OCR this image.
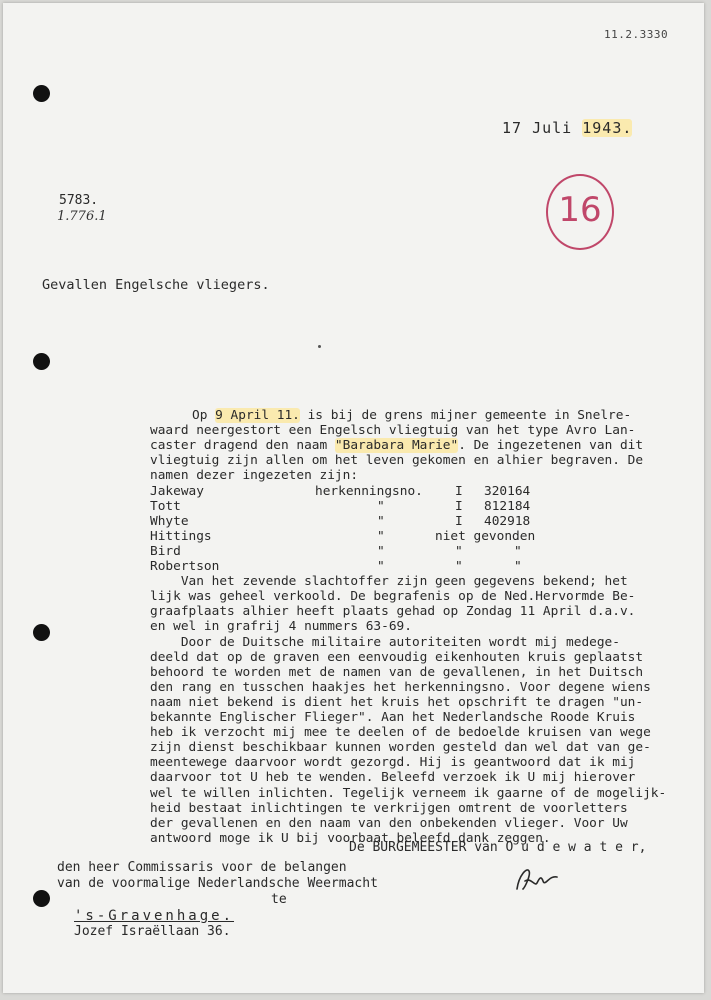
11.2.3330
17 Juli 1943.
5783.
1.776.1	16
Gevallen Engelsche vliegers.
Op 9 April 11. is bij de grens mijner gemeente in Snelre-
waard neergestort een Engelsch vliegtuig van het type Avro Lan-
caster dragend den naam "Barabara Marie". De ingezetenen van dit
vliegtuig zijn allen om het leven gekomen en alhier begraven. De
namen dezer ingezeten zijn:
Jakeway	herkenningsno.	I 320164
Tott	"	I 812184
Whyte	"	I 402918
Hittings	"	niet gevonden
Bird	"	"	"
Robertson	"	"	"
Van het zevende slachtoffer zijn geen gegevens bekend; het
lijk was geheel verkoold. De begrafenis op de Ned.Hervormde Be-
graafplaats alhier heeft plaats gehad op Zondag 11 April d.a.v.
en wel in grafrij 4 nummers 63-69.
Door de Duitsche militaire autoriteiten wordt mij medege-
deeld dat op de graven een eenvoudig eikenhouten kruis geplaatst
behoord te worden met de namen van de gevallenen, in het Duitsch
den rang en tusschen haakjes het herkenningsno. Voor degene wiens
naam niet bekend is dient het kruis het opschrift te dragen "un-
bekannte Englischer Flieger". Aan het Nederlandsche Roode Kruis
heb ik verzocht mij mee te deelen of de bedoelde kruisen van wege
zijn dienst beschikbaar kunnen worden gesteld dan wel dat van ge-
meentewege daarvoor wordt gezorgd. Hij is geantwoord dat ik mij
daarvoor tot U heb te wenden. Beleefd verzoek ik U mij hierover
wel te willen inlichten. Tegelijk verneem ik gaarne of de mogelijk-
heid bestaat inlichtingen te verkrijgen omtrent de voorletters
der gevallenen en den naam van den onbekenden vlieger. Voor Uw
antwoord moge ik U bij voorbaat beleefd dank zeggen.
De BURGEMEESTER van O u d e w a t e r,
den heer Commissaris voor de belangen
van de voormalige Nederlandsche Weermacht
te
's-Gravenhage.
Jozef Israëllaan 36.
